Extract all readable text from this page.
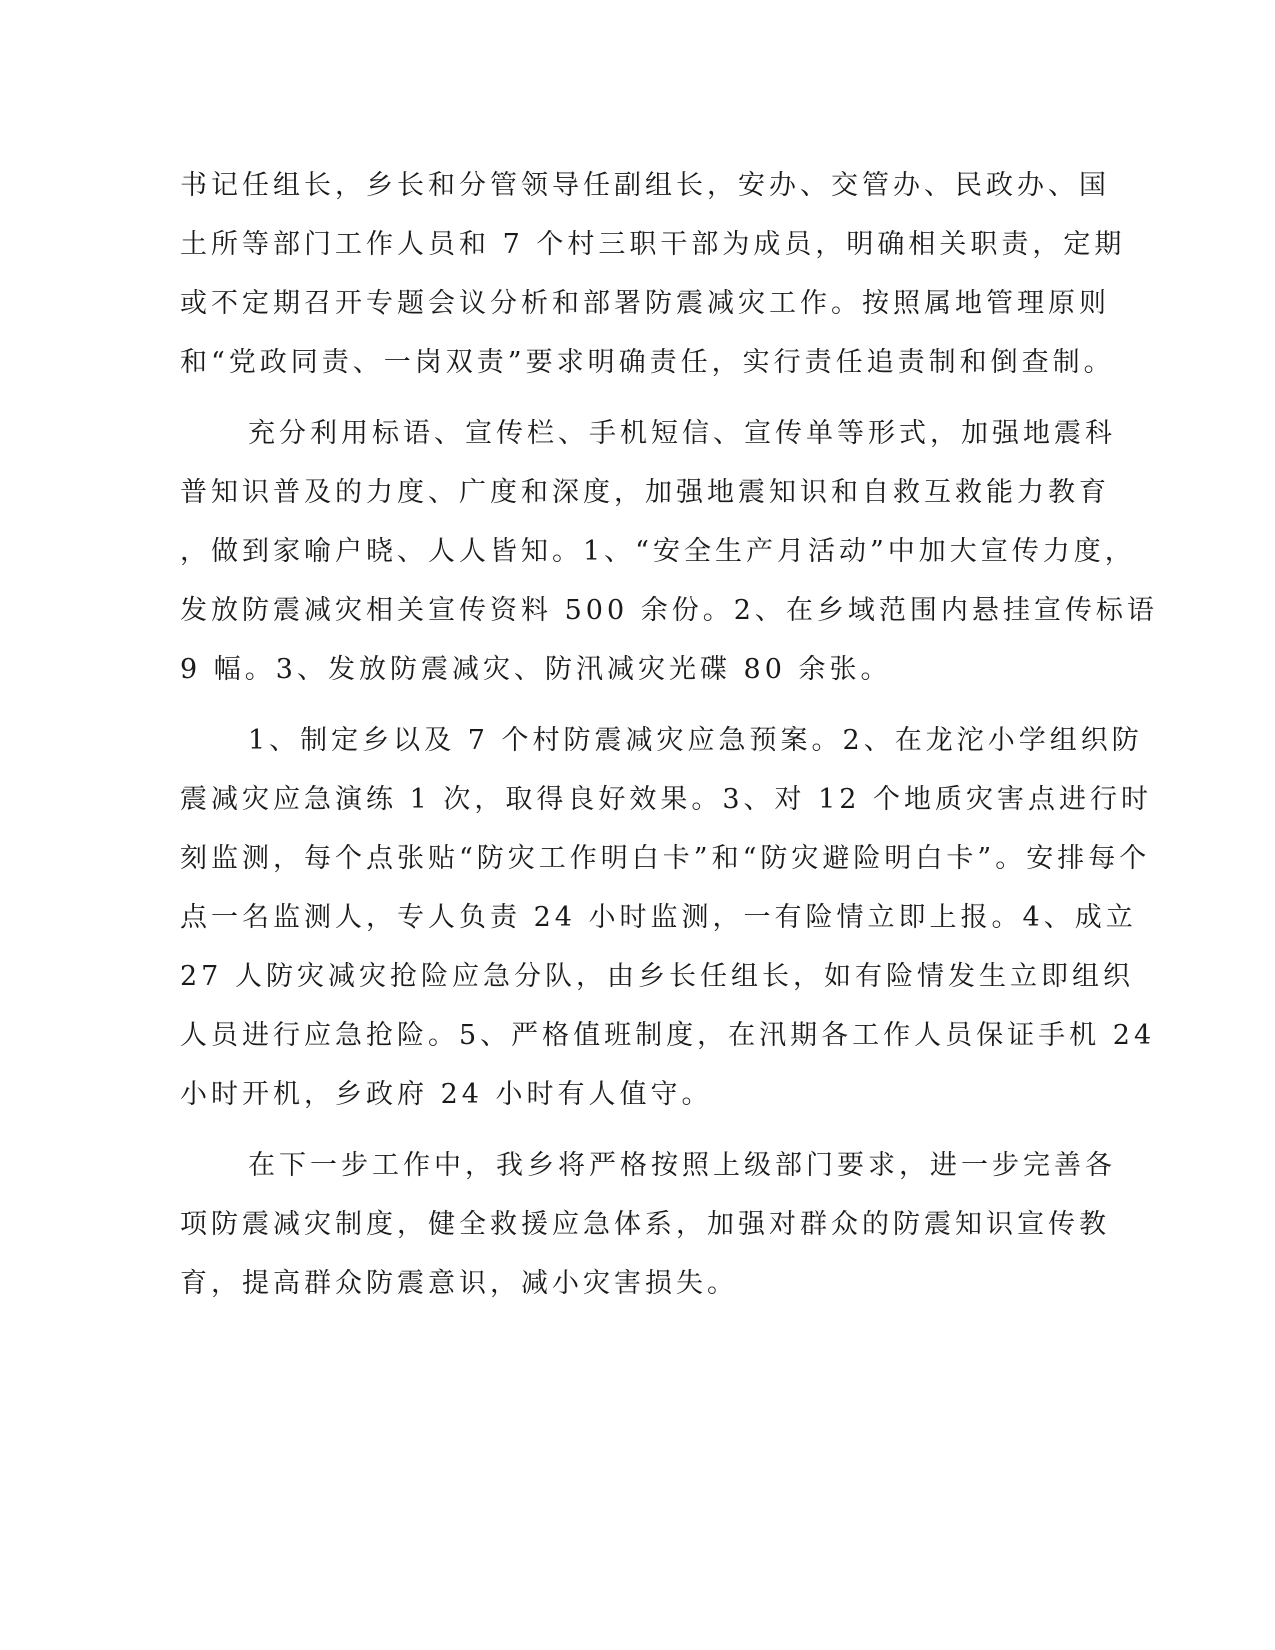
书记任组长，乡长和分管领导任副组长，安办、交管办、民政办、国
土所等部门工作人员和 7 个村三职干部为成员，明确相关职责，定期
或不定期召开专题会议分析和部署防震减灾工作。按照属地管理原则
和“党政同责、一岗双责”要求明确责任，实行责任追责制和倒查制。
充分利用标语、宣传栏、手机短信、宣传单等形式，加强地震科
普知识普及的力度、广度和深度，加强地震知识和自救互救能力教育
，做到家喻户晓、人人皆知。1、“安全生产月活动”中加大宣传力度，
发放防震减灾相关宣传资料 500 余份。2、在乡域范围内悬挂宣传标语
9 幅。3、发放防震减灾、防汛减灾光碟 80 余张。
1、制定乡以及 7 个村防震减灾应急预案。2、在龙沱小学组织防
震减灾应急演练 1 次，取得良好效果。3、对 12 个地质灾害点进行时
刻监测，每个点张贴“防灾工作明白卡”和“防灾避险明白卡”。安排每个
点一名监测人，专人负责 24 小时监测，一有险情立即上报。4、成立
27 人防灾减灾抢险应急分队，由乡长任组长，如有险情发生立即组织
人员进行应急抢险。5、严格值班制度，在汛期各工作人员保证手机 24
小时开机，乡政府 24 小时有人值守。
在下一步工作中，我乡将严格按照上级部门要求，进一步完善各
项防震减灾制度，健全救援应急体系，加强对群众的防震知识宣传教
育，提高群众防震意识，减小灾害损失。
